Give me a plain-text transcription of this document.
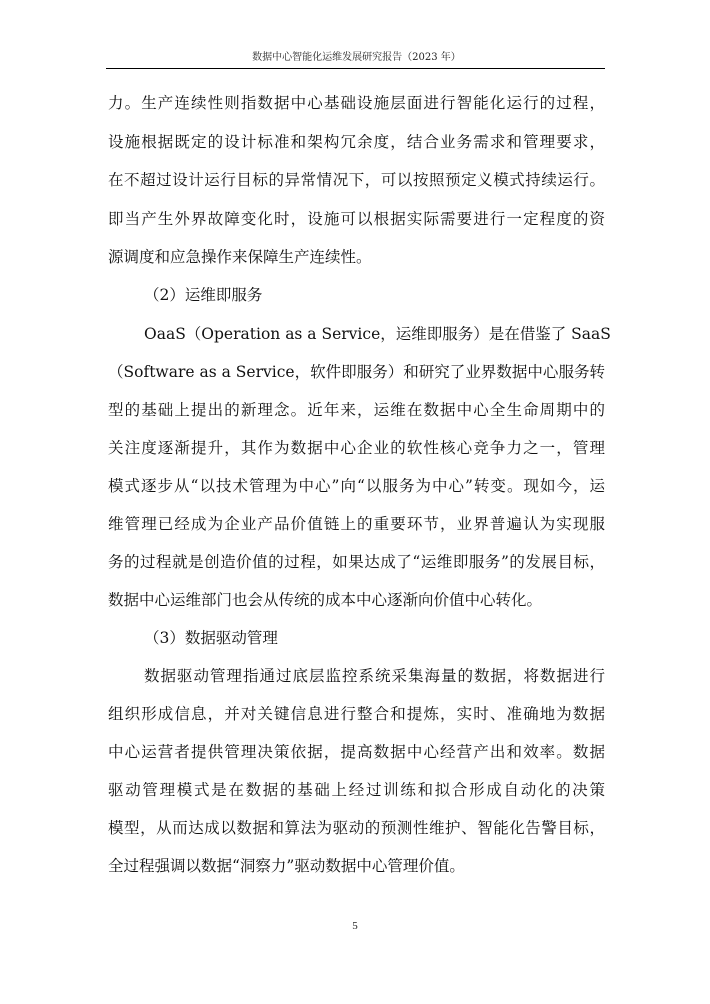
数据中心智能化运维发展研究报告（2023 年）
力。生产连续性则指数据中心基础设施层面进行智能化运行的过程，
设施根据既定的设计标准和架构冗余度，结合业务需求和管理要求，
在不超过设计运行目标的异常情况下，可以按照预定义模式持续运行。
即当产生外界故障变化时，设施可以根据实际需要进行一定程度的资
源调度和应急操作来保障生产连续性。
（2）运维即服务
OaaS（Operation as a Service，运维即服务）是在借鉴了 SaaS
（Software as a Service，软件即服务）和研究了业界数据中心服务转
型的基础上提出的新理念。近年来，运维在数据中心全生命周期中的
关注度逐渐提升，其作为数据中心企业的软性核心竞争力之一，管理
模式逐步从“以技术管理为中心”向“以服务为中心”转变。现如今，运
维管理已经成为企业产品价值链上的重要环节，业界普遍认为实现服
务的过程就是创造价值的过程，如果达成了“运维即服务”的发展目标，
数据中心运维部门也会从传统的成本中心逐渐向价值中心转化。
（3）数据驱动管理
数据驱动管理指通过底层监控系统采集海量的数据，将数据进行
组织形成信息，并对关键信息进行整合和提炼，实时、准确地为数据
中心运营者提供管理决策依据，提高数据中心经营产出和效率。数据
驱动管理模式是在数据的基础上经过训练和拟合形成自动化的决策
模型，从而达成以数据和算法为驱动的预测性维护、智能化告警目标，
全过程强调以数据“洞察力”驱动数据中心管理价值。
5
